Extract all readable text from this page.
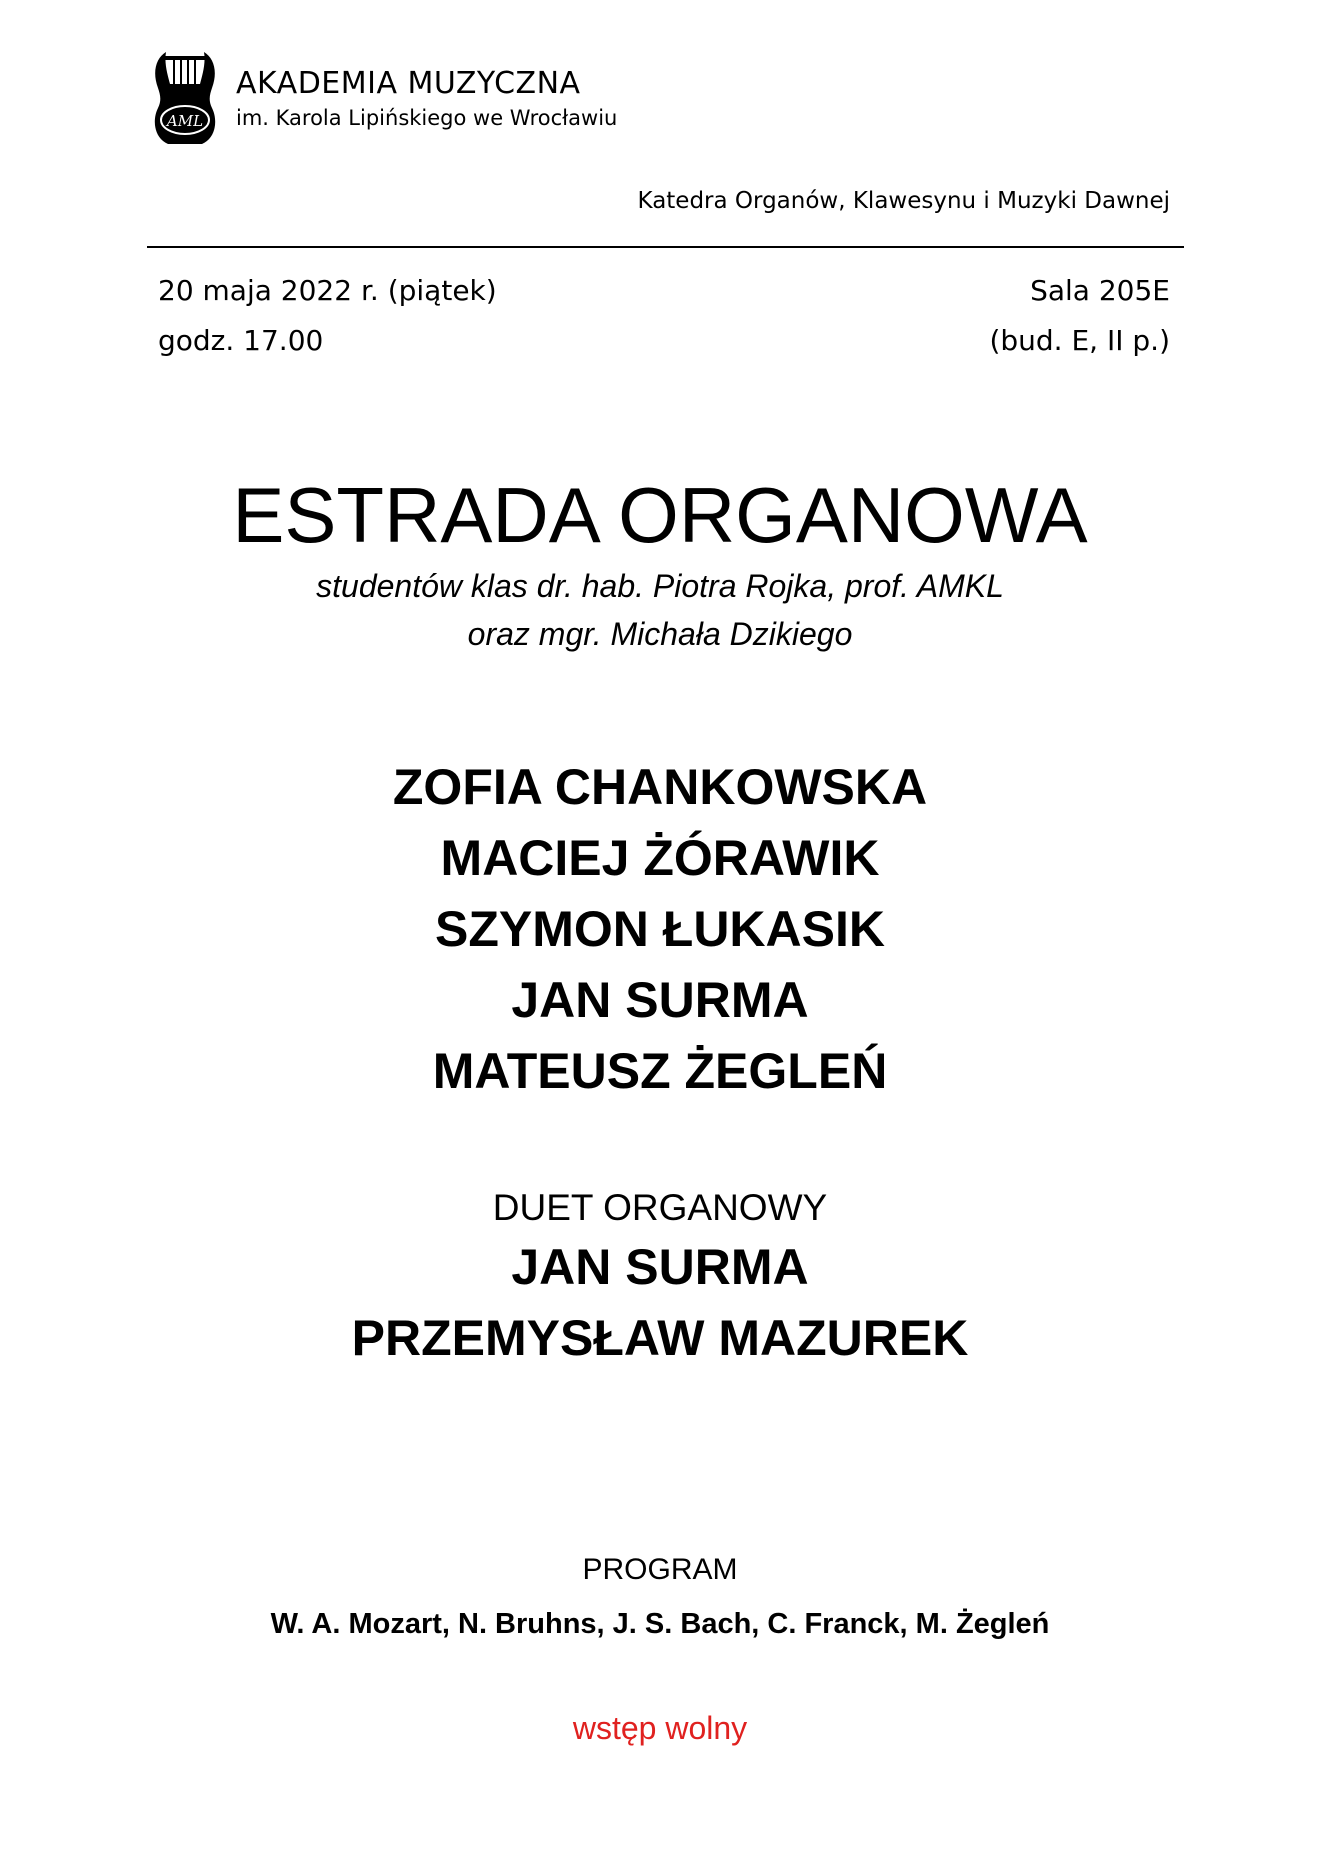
AML
AKADEMIA MUZYCZNA
im. Karola Lipińskiego we Wrocławiu
Katedra Organów, Klawesynu i Muzyki Dawnej
20 maja 2022 r. (piątek)
godz. 17.00
Sala 205E
(bud. E, II p.)
ESTRADA ORGANOWA
studentów klas dr. hab. Piotra Rojka, prof. AMKL
oraz mgr. Michała Dzikiego
ZOFIA CHANKOWSKA
MACIEJ ŻÓRAWIK
SZYMON ŁUKASIK
JAN SURMA
MATEUSZ ŻEGLEŃ
DUET ORGANOWY
JAN SURMA
PRZEMYSŁAW MAZUREK
PROGRAM
W. A. Mozart, N. Bruhns, J. S. Bach, C. Franck, M. Żegleń
wstęp wolny
